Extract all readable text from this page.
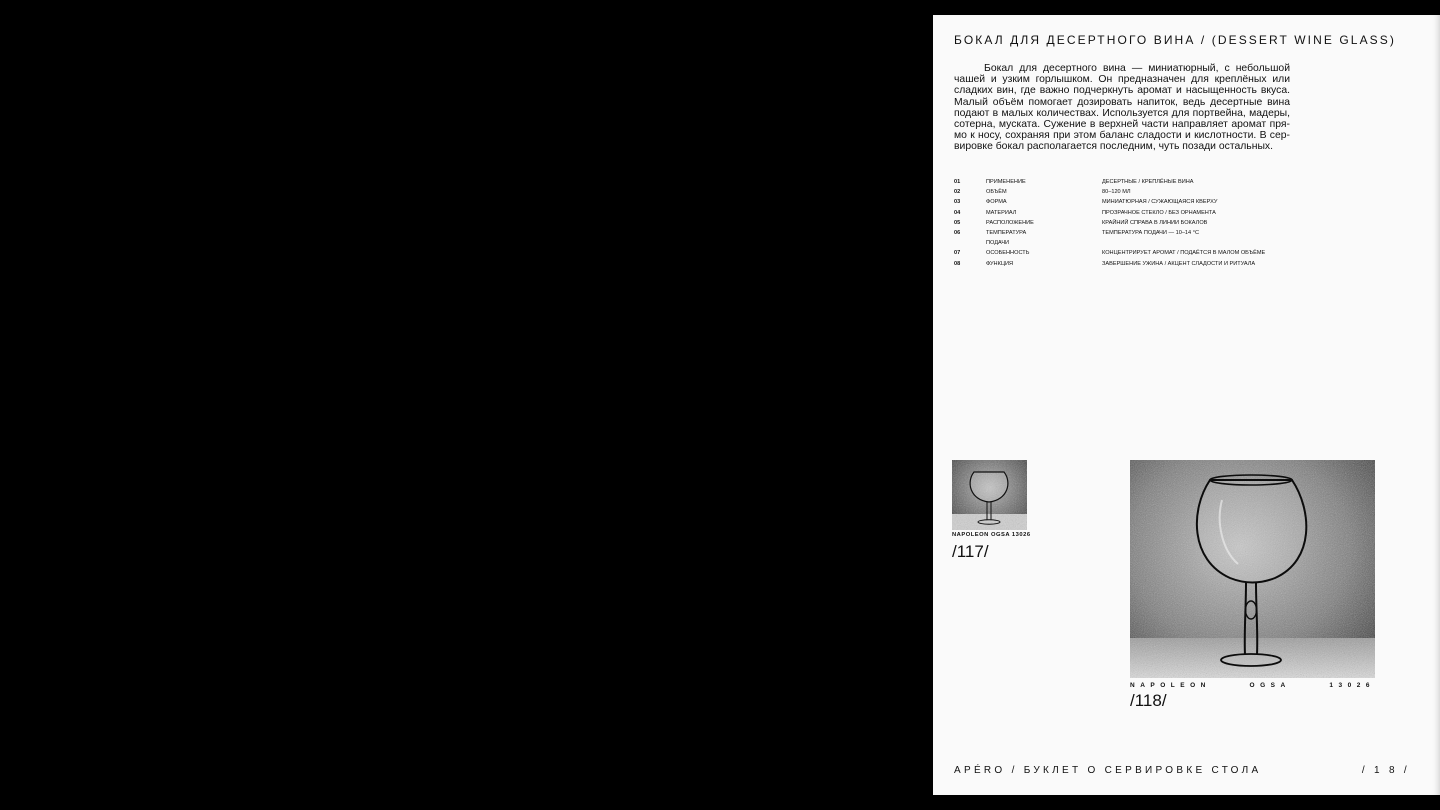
БОКАЛ ДЛЯ ДЕСЕРТНОГО ВИНА / (DESSERT WINE GLASS)

Бокал для десертного вина — миниатюрный, с небольшой чашей и узким горлышком. Он предназначен для креплёных или сладких вин, где важно подчеркнуть аромат и насыщенность вкуса. Малый объём помогает дозировать напиток, ведь десертные вина подают в малых количествах. Используется для портвейна, мадеры, сотерна, муската. Сужение в верхней части направляет аромат пря-мо к носу, сохраняя при этом баланс сладости и кислотности. В сер-вировке бокал располагается последним, чуть позади остальных.

01	ПРИМЕНЕНИЕ	ДЕСЕРТНЫЕ / КРЕПЛЁНЫЕ ВИНА
02	ОБЪЁМ	80–120 МЛ
03	ФОРМА	МИНИАТЮРНАЯ / СУЖАЮЩАЯСЯ КВЕРХУ
04	МАТЕРИАЛ	ПРОЗРАЧНОЕ СТЕКЛО / БЕЗ ОРНАМЕНТА
05	РАСПОЛОЖЕНИЕ	КРАЙНИЙ СПРАВА В ЛИНИИ БОКАЛОВ
06	ТЕМПЕРАТУРА	ТЕМПЕРАТУРА ПОДАЧИ — 10–14 °С
ПОДАЧИ
07	ОСОБЕННОСТЬ	КОНЦЕНТРИРУЕТ АРОМАТ / ПОДАЁТСЯ В МАЛОМ ОБЪЁМЕ
08	ФУНКЦИЯ	ЗАВЕРШЕНИЕ УЖИНА / АКЦЕНТ СЛАДОСТИ И РИТУАЛА
NAPOLEON OGSA 13026
/117/
NAPOLEON	OGSA	13026
/118/
APÉRO / БУКЛЕТ О СЕРВИРОВКЕ СТОЛА	/ 1 8 /
